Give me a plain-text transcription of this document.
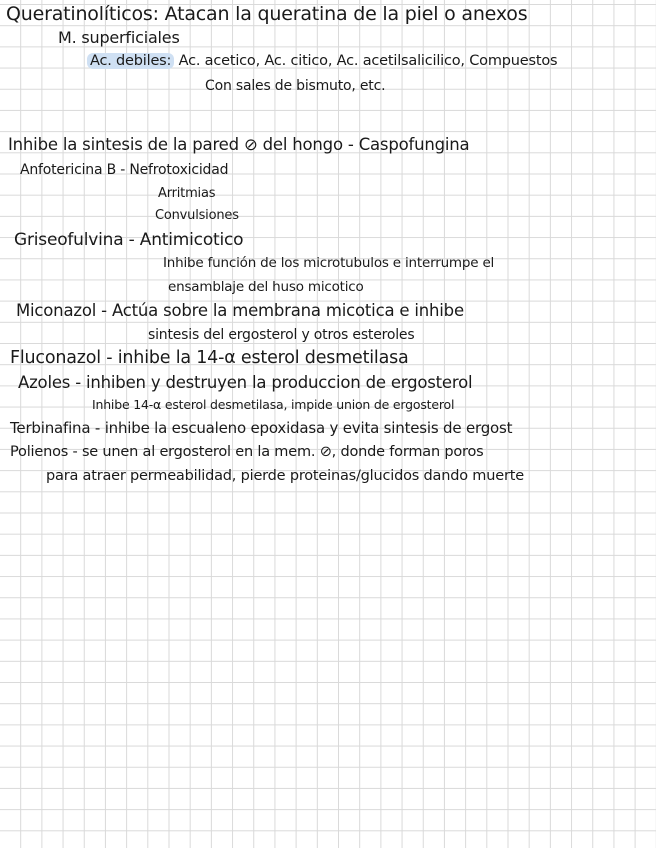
Queratinolíticos: Atacan la queratina de la piel o anexos
M. superficiales
Ac. debiles: Ac. acetico, Ac. citico, Ac. acetilsalicilico, Compuestos
Con sales de bismuto, etc.
Inhibe la sintesis de la pared ⊘ del hongo - Caspofungina
Anfotericina B - Nefrotoxicidad
Arritmias
Convulsiones
Griseofulvina - Antimicotico
Inhibe función de los microtubulos e interrumpe el
ensamblaje del huso micotico
Miconazol - Actúa sobre la membrana micotica e inhibe
sintesis del ergosterol y otros esteroles
Fluconazol - inhibe la 14-α esterol desmetilasa
Azoles - inhiben y destruyen la produccion de ergosterol
Inhibe 14-α esterol desmetilasa, impide union de ergosterol
Terbinafina - inhibe la escualeno epoxidasa y evita sintesis de ergost
Polienos - se unen al ergosterol en la mem. ⊘, donde forman poros
para atraer permeabilidad, pierde proteinas/glucidos dando muerte
